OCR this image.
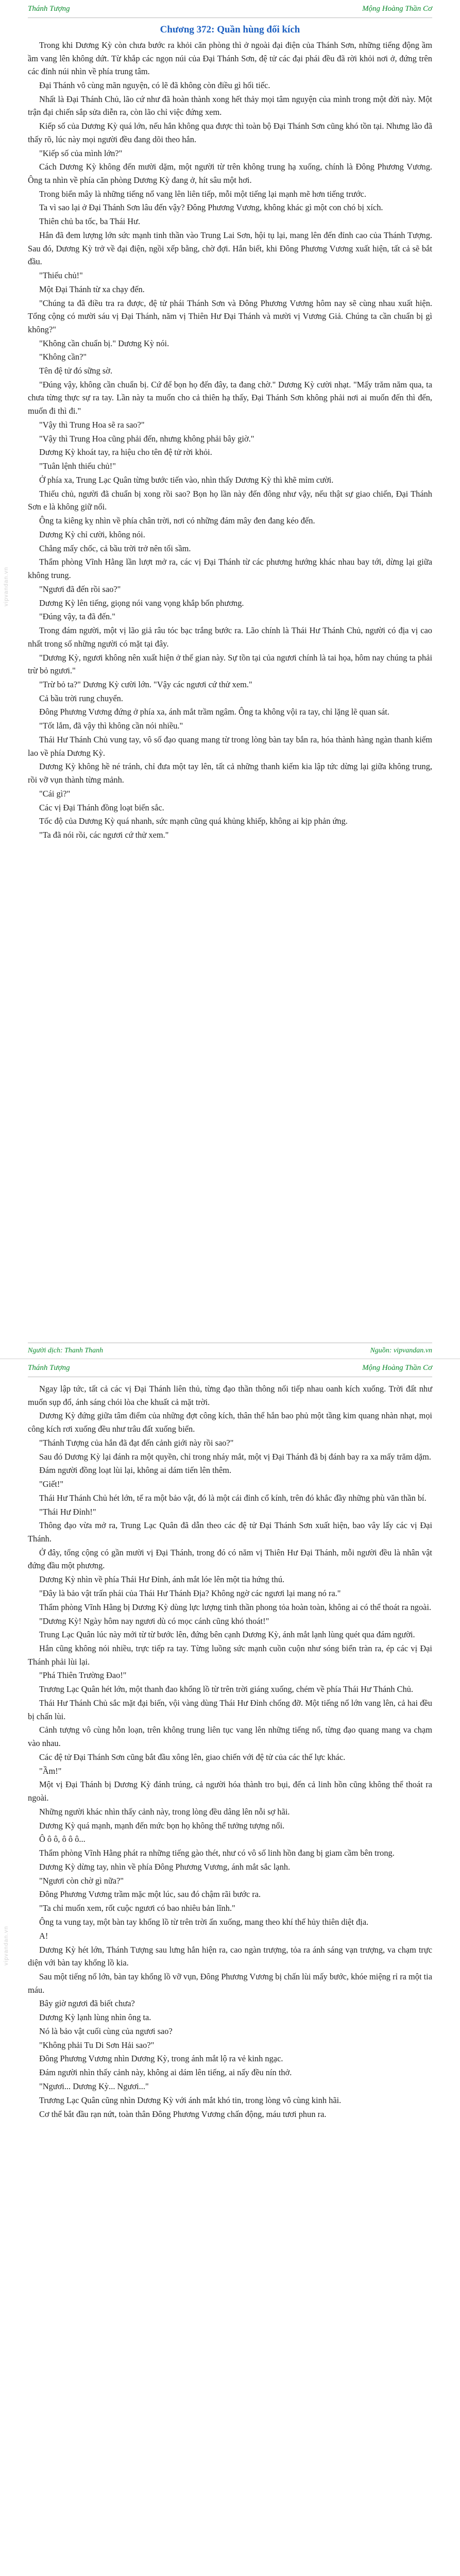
Thánh Tượng	Mộng Hoàng Thần Cơ
vipvandan.vn
Chương 372: Quần hùng đối kích

Trong khi Dương Kỳ còn chưa bước ra khỏi căn phòng thì ở ngoài đại điện của Thánh Sơn, những tiếng động ầm ầm vang lên không dứt. Từ khắp các ngọn núi của Đại Thánh Sơn, đệ tử các đại phái đều đã rời khỏi nơi ở, đứng trên các đỉnh núi nhìn về phía trung tâm.

Đại Thánh vô cùng mãn nguyện, có lẽ đã không còn điều gì hối tiếc.

Nhất là Đại Thánh Chủ, lão cứ như đã hoàn thành xong hết thảy mọi tâm nguyện của mình trong một đời này. Một trận đại chiến sắp sửa diễn ra, còn lão chỉ việc đứng xem.

Kiếp số của Dương Kỳ quá lớn, nếu hắn không qua được thì toàn bộ Đại Thánh Sơn cũng khó tồn tại. Nhưng lão đã thấy rõ, lúc này mọi người đều đang dõi theo hắn.

"Kiếp số của mình lớn?"

Cách Dương Kỳ không đến mười dặm, một người từ trên không trung hạ xuống, chính là Đông Phương Vương. Ông ta nhìn về phía căn phòng Dương Kỳ đang ở, hít sâu một hơi.

Trong biển mây là những tiếng nổ vang lên liên tiếp, mỗi một tiếng lại mạnh mẽ hơn tiếng trước.

Ta vì sao lại ở Đại Thánh Sơn lâu đến vậy? Đông Phương Vương, không khác gì một con chó bị xích.

Thiên chủ ba tốc, ba Thái Hư.

Hắn đã đem lượng lớn sức mạnh tinh thần vào Trung Lai Sơn, hội tụ lại, mang lên đến đỉnh cao của Thánh Tượng. Sau đó, Dương Kỳ trở về đại điện, ngồi xếp bằng, chờ đợi. Hắn biết, khi Đông Phương Vương xuất hiện, tất cả sẽ bắt đầu.

"Thiếu chủ!"

Một Đại Thánh từ xa chạy đến.

"Chúng ta đã điều tra ra được, đệ tử phái Thánh Sơn và Đông Phương Vương hôm nay sẽ cùng nhau xuất hiện. Tổng cộng có mười sáu vị Đại Thánh, năm vị Thiên Hư Đại Thánh và mười vị Vương Giả. Chúng ta cần chuẩn bị gì không?"

"Không cần chuẩn bị." Dương Kỳ nói.

"Không cần?"

Tên đệ tử đó sững sờ.

"Đúng vậy, không cần chuẩn bị. Cứ để bọn họ đến đây, ta đang chờ." Dương Kỳ cười nhạt. "Mấy trăm năm qua, ta chưa từng thực sự ra tay. Lần này ta muốn cho cả thiên hạ thấy, Đại Thánh Sơn không phải nơi ai muốn đến thì đến, muốn đi thì đi."

"Vậy thì Trung Hoa sẽ ra sao?"

"Vậy thì Trung Hoa cũng phải đến, nhưng không phải bây giờ."

Dương Kỳ khoát tay, ra hiệu cho tên đệ tử rời khỏi.

"Tuân lệnh thiếu chủ!"

Ở phía xa, Trung Lạc Quân từng bước tiến vào, nhìn thấy Dương Kỳ thì khẽ mỉm cười.

Thiếu chủ, người đã chuẩn bị xong rồi sao? Bọn họ lần này đến đông như vậy, nếu thật sự giao chiến, Đại Thánh Sơn e là không giữ nổi.

Ông ta kiêng kỵ nhìn về phía chân trời, nơi có những đám mây đen đang kéo đến.

Dương Kỳ chỉ cười, không nói.

Chẳng mấy chốc, cả bầu trời trở nên tối sầm.

Thẩm phòng Vĩnh Hằng lần lượt mở ra, các vị Đại Thánh từ các phương hướng khác nhau bay tới, dừng lại giữa không trung.

"Ngươi đã đến rồi sao?"

Dương Kỳ lên tiếng, giọng nói vang vọng khắp bốn phương.

"Đúng vậy, ta đã đến."

Trong đám người, một vị lão giả râu tóc bạc trắng bước ra. Lão chính là Thái Hư Thánh Chủ, người có địa vị cao nhất trong số những người có mặt tại đây.

"Dương Kỳ, ngươi không nên xuất hiện ở thế gian này. Sự tồn tại của ngươi chính là tai họa, hôm nay chúng ta phải trừ bỏ ngươi."

"Trừ bỏ ta?" Dương Kỳ cười lớn. "Vậy các ngươi cứ thử xem."

Cả bầu trời rung chuyển.

Đông Phương Vương đứng ở phía xa, ánh mắt trầm ngâm. Ông ta không vội ra tay, chỉ lặng lẽ quan sát.

"Tốt lắm, đã vậy thì không cần nói nhiều."

Thái Hư Thánh Chủ vung tay, vô số đạo quang mang từ trong lòng bàn tay bắn ra, hóa thành hàng ngàn thanh kiếm lao về phía Dương Kỳ.

Dương Kỳ không hề né tránh, chỉ đưa một tay lên, tất cả những thanh kiếm kia lập tức dừng lại giữa không trung, rồi vỡ vụn thành từng mảnh.

"Cái gì?"

Các vị Đại Thánh đồng loạt biến sắc.

Tốc độ của Dương Kỳ quá nhanh, sức mạnh cũng quá khủng khiếp, không ai kịp phản ứng.

"Ta đã nói rồi, các ngươi cứ thử xem."

Người dịch: Thanh Thanh	Nguồn: vipvandan.vn
Thánh Tượng	Mộng Hoàng Thần Cơ
vipvandan.vn

Ngay lập tức, tất cả các vị Đại Thánh liên thủ, từng đạo thần thông nối tiếp nhau oanh kích xuống. Trời đất như muốn sụp đổ, ánh sáng chói lòa che khuất cả mặt trời.

Dương Kỳ đứng giữa tâm điểm của những đợt công kích, thân thể hắn bao phủ một tầng kim quang nhàn nhạt, mọi công kích rơi xuống đều như trâu đất xuống biển.

"Thánh Tượng của hắn đã đạt đến cảnh giới này rồi sao?"

Sau đó Dương Kỳ lại đánh ra một quyền, chỉ trong nháy mắt, một vị Đại Thánh đã bị đánh bay ra xa mấy trăm dặm.

Đám người đồng loạt lùi lại, không ai dám tiến lên thêm.

"Giết!"

Thái Hư Thánh Chủ hét lớn, tế ra một bảo vật, đó là một cái đỉnh cổ kính, trên đó khắc đầy những phù văn thần bí.

"Thái Hư Đỉnh!"

Thông đạo vừa mở ra, Trung Lạc Quân đã dẫn theo các đệ tử Đại Thánh Sơn xuất hiện, bao vây lấy các vị Đại Thánh.

Ở đây, tổng cộng có gần mười vị Đại Thánh, trong đó có năm vị Thiên Hư Đại Thánh, mỗi người đều là nhân vật đứng đầu một phương.

Dương Kỳ nhìn về phía Thái Hư Đỉnh, ánh mắt lóe lên một tia hứng thú.

"Đây là bảo vật trấn phái của Thái Hư Thánh Địa? Không ngờ các ngươi lại mang nó ra."

Thẩm phòng Vĩnh Hằng bị Dương Kỳ dùng lực lượng tinh thần phong tỏa hoàn toàn, không ai có thể thoát ra ngoài.

"Dương Kỳ! Ngày hôm nay ngươi dù có mọc cánh cũng khó thoát!"

Trung Lạc Quân lúc này mới từ từ bước lên, đứng bên cạnh Dương Kỳ, ánh mắt lạnh lùng quét qua đám người.

Hắn cũng không nói nhiều, trực tiếp ra tay. Từng luồng sức mạnh cuồn cuộn như sóng biển tràn ra, ép các vị Đại Thánh phải lùi lại.

"Phá Thiên Trường Đao!"

Trương Lạc Quân hét lớn, một thanh đao khổng lồ từ trên trời giáng xuống, chém về phía Thái Hư Thánh Chủ.

Thái Hư Thánh Chủ sắc mặt đại biến, vội vàng dùng Thái Hư Đỉnh chống đỡ. Một tiếng nổ lớn vang lên, cả hai đều bị chấn lùi.

Cảnh tượng vô cùng hỗn loạn, trên không trung liên tục vang lên những tiếng nổ, từng đạo quang mang va chạm vào nhau.

Các đệ tử Đại Thánh Sơn cũng bắt đầu xông lên, giao chiến với đệ tử của các thế lực khác.

"Ầm!"

Một vị Đại Thánh bị Dương Kỳ đánh trúng, cả người hóa thành tro bụi, đến cả linh hồn cũng không thể thoát ra ngoài.

Những người khác nhìn thấy cảnh này, trong lòng đều dâng lên nỗi sợ hãi.

Dương Kỳ quá mạnh, mạnh đến mức bọn họ không thể tưởng tượng nổi.

Ô ô ô, ô ô ô...

Thẩm phòng Vĩnh Hằng phát ra những tiếng gào thét, như có vô số linh hồn đang bị giam cầm bên trong.

Dương Kỳ dừng tay, nhìn về phía Đông Phương Vương, ánh mắt sắc lạnh.

"Ngươi còn chờ gì nữa?"

Đông Phương Vương trầm mặc một lúc, sau đó chậm rãi bước ra.

"Ta chỉ muốn xem, rốt cuộc ngươi có bao nhiêu bản lĩnh."

Ông ta vung tay, một bàn tay khổng lồ từ trên trời ấn xuống, mang theo khí thế hủy thiên diệt địa.

A!

Dương Kỳ hét lớn, Thánh Tượng sau lưng hắn hiện ra, cao ngàn trượng, tỏa ra ánh sáng vạn trượng, va chạm trực diện với bàn tay khổng lồ kia.

Sau một tiếng nổ lớn, bàn tay khổng lồ vỡ vụn, Đông Phương Vương bị chấn lùi mấy bước, khóe miệng rỉ ra một tia máu.

Bây giờ ngươi đã biết chưa?

Dương Kỳ lạnh lùng nhìn ông ta.

Nó là bảo vật cuối cùng của ngươi sao?

"Không phải Tu Di Sơn Hải sao?"

Đông Phương Vương nhìn Dương Kỳ, trong ánh mắt lộ ra vẻ kinh ngạc.

Đám người nhìn thấy cảnh này, không ai dám lên tiếng, ai nấy đều nín thở.

"Ngươi... Dương Kỳ... Ngươi..."

Trương Lạc Quân cũng nhìn Dương Kỳ với ánh mắt khó tin, trong lòng vô cùng kinh hãi.

Cơ thể bắt đầu rạn nứt, toàn thân Đông Phương Vương chấn động, máu tươi phun ra.
